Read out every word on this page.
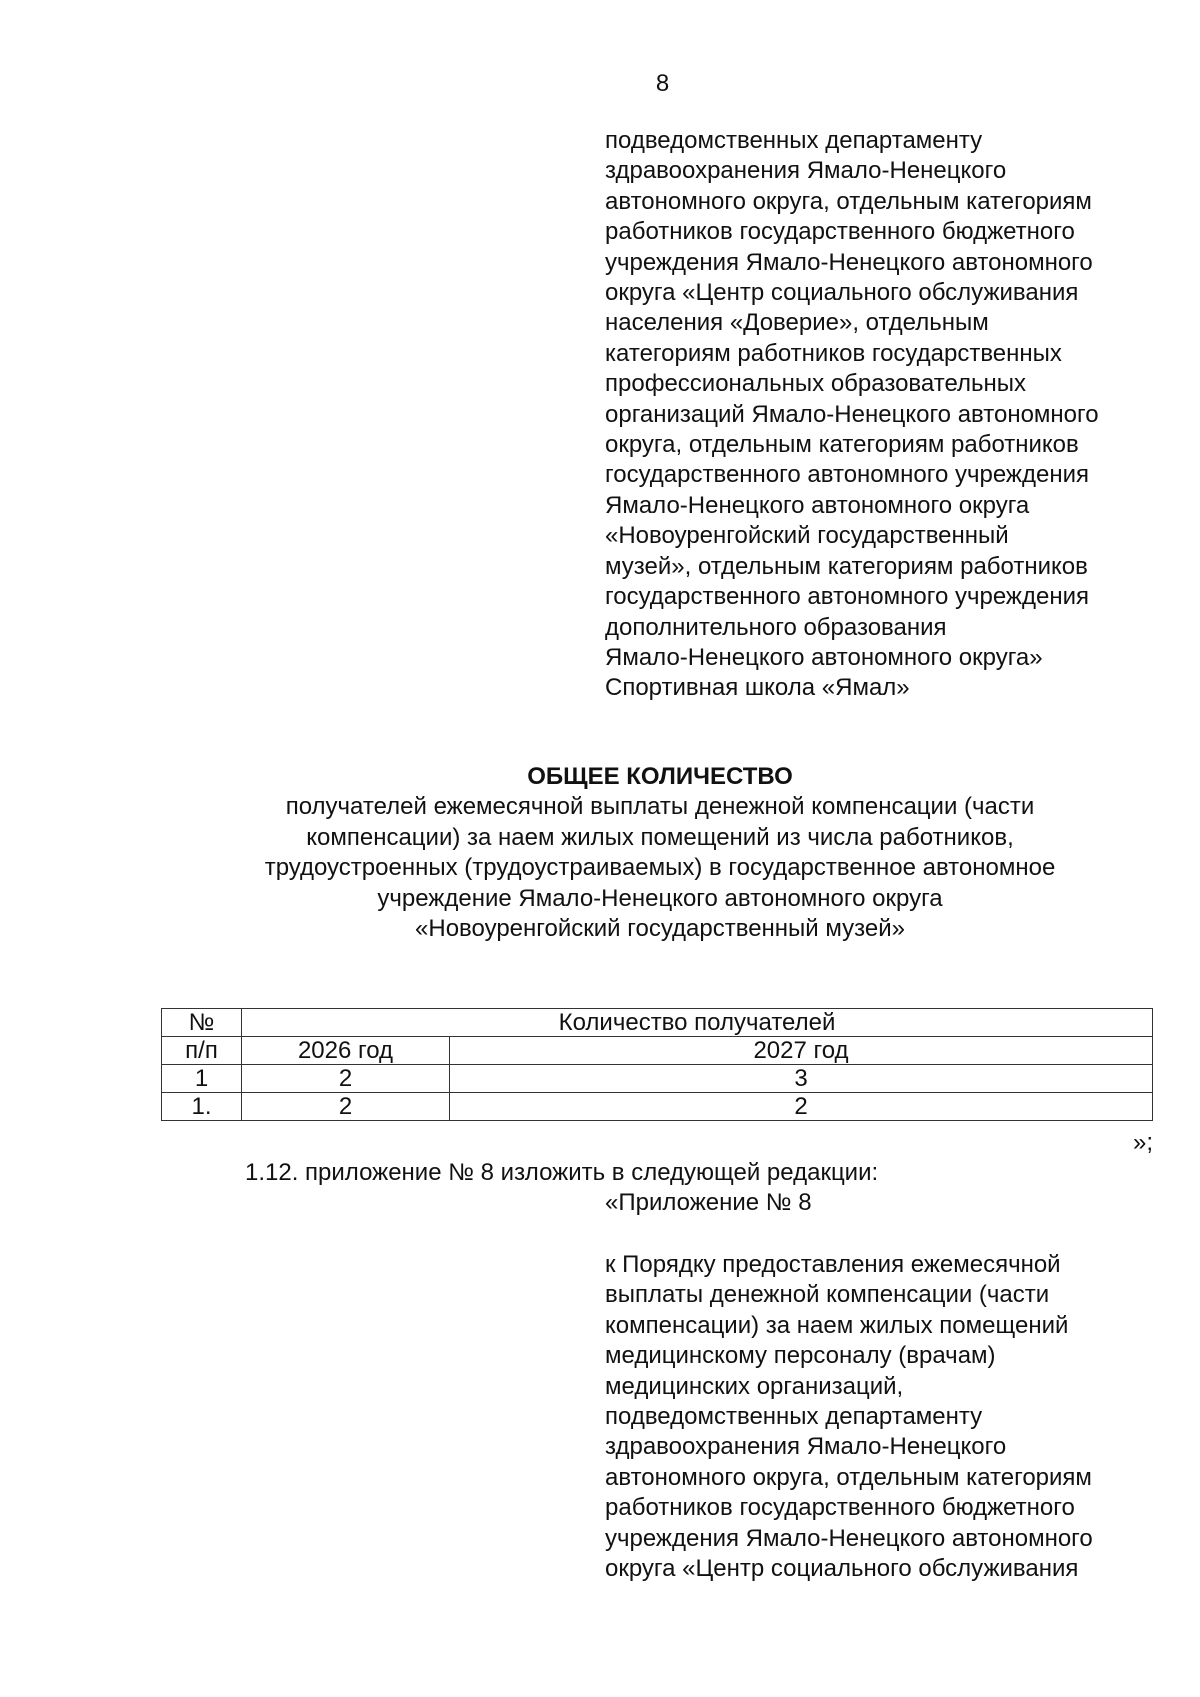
8
подведомственных департаменту
здравоохранения Ямало-Ненецкого
автономного округа, отдельным категориям
работников государственного бюджетного
учреждения Ямало-Ненецкого автономного
округа «Центр социального обслуживания
населения «Доверие», отдельным
категориям работников государственных
профессиональных образовательных
организаций Ямало-Ненецкого автономного
округа, отдельным категориям работников
государственного автономного учреждения
Ямало-Ненецкого автономного округа
«Новоуренгойский государственный
музей», отдельным категориям работников
государственного автономного учреждения
дополнительного образования
Ямало-Ненецкого автономного округа»
Спортивная школа «Ямал»
ОБЩЕЕ КОЛИЧЕСТВО
получателей ежемесячной выплаты денежной компенсации (части
компенсации) за наем жилых помещений из числа работников,
трудоустроенных (трудоустраиваемых) в государственное автономное
учреждение Ямало-Ненецкого автономного округа
«Новоуренгойский государственный музей»
№	Количество получателей	
п/п	2026 год	2027 год
1	2	3
1.	2	2
»;
1.12. приложение № 8 изложить в следующей редакции:
«Приложение № 8
к Порядку предоставления ежемесячной
выплаты денежной компенсации (части
компенсации) за наем жилых помещений
медицинскому персоналу (врачам)
медицинских организаций,
подведомственных департаменту
здравоохранения Ямало-Ненецкого
автономного округа, отдельным категориям
работников государственного бюджетного
учреждения Ямало-Ненецкого автономного
округа «Центр социального обслуживания
